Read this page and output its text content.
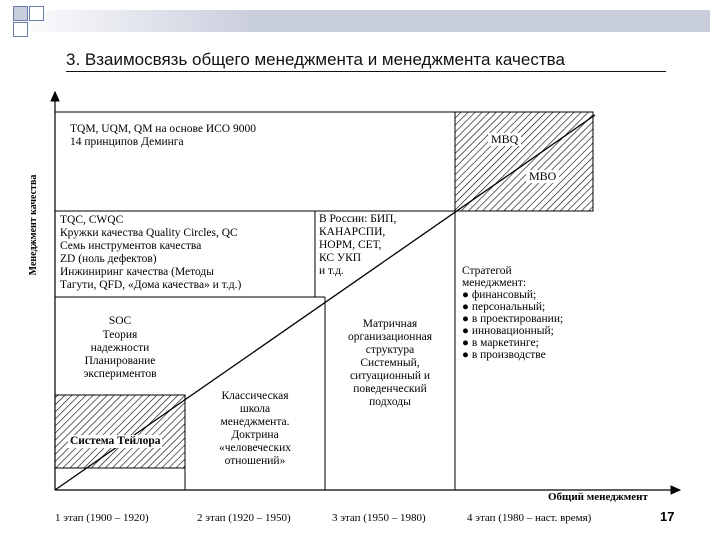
3. Взаимосвязь общего менеджмента и менеджмента качества
Менеджмент качества
Общий менеджмент
TQM, UQM, QM на основе ИСО 9000
14 принципов Деминга	MBQ
MBO
TQC, CWQC
Кружки качества Quality Circles, QC
Семь инструментов качества
ZD (ноль дефектов)
Инжиниринг качества (Методы
Тагути, QFD, «Дома качества» и т.д.)
В России: БИП,
КАНАРСПИ,
НОРМ, СЕТ,
КС УКП
и т.д.	Стратегой
менеджмент:
● финансовый;
● персональный;
● в проектировании;
● инновационный;
● в маркетинге;
● в производстве
SOC
Теория
надежности
Планирование
экспериментов
Матричная
организационная
структура
Системный,
ситуационный и
поведенческий
подходы
Классическая
школа
менеджмента.
Доктрина
«человеческих
отношений»
Система Тейлора
1 этап (1900 – 1920)	2 этап (1920 – 1950)	3 этап (1950 – 1980)	4 этап (1980 – наст. время)	17
